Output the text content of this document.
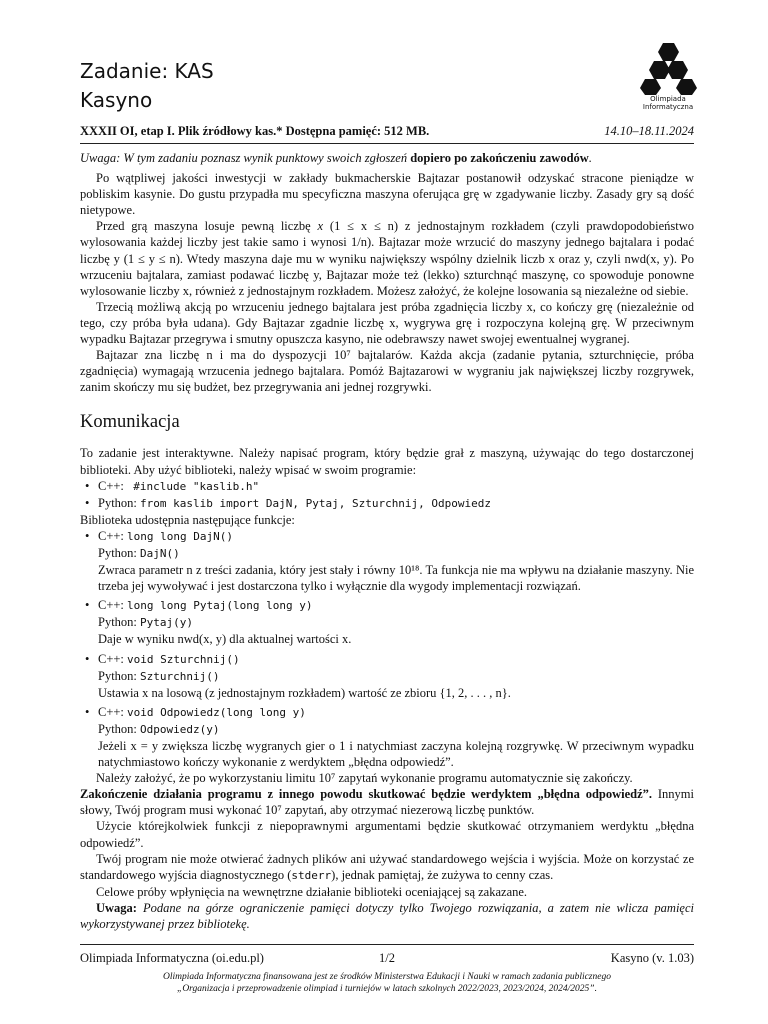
Zadanie: KAS
Kasyno	Olimpiada
Informatyczna
XXXII OI, etap I. Plik źródłowy kas.* Dostępna pamięć: 512 MB.	14.10–18.11.2024

Uwaga: W tym zadaniu poznasz wynik punktowy swoich zgłoszeń dopiero po zakończeniu zawodów.

Po wątpliwej jakości inwestycji w zakłady bukmacherskie Bajtazar postanowił odzyskać stracone pieniądze w pobliskim kasynie. Do gustu przypadła mu specyficzna maszyna oferująca grę w zgadywanie liczby. Zasady gry są dość nietypowe.

Przed grą maszyna losuje pewną liczbę x (1 ≤ x ≤ n) z jednostajnym rozkładem (czyli prawdopodobieństwo wylosowania każdej liczby jest takie samo i wynosi 1/n). Bajtazar może wrzucić do maszyny jednego bajtalara i podać liczbę y (1 ≤ y ≤ n). Wtedy maszyna daje mu w wyniku największy wspólny dzielnik liczb x oraz y, czyli nwd(x, y). Po wrzuceniu bajtalara, zamiast podawać liczbę y, Bajtazar może też (lekko) szturchnąć maszynę, co spowoduje ponowne wylosowanie liczby x, również z jednostajnym rozkładem. Możesz założyć, że kolejne losowania są niezależne od siebie.

Trzecią możliwą akcją po wrzuceniu jednego bajtalara jest próba zgadnięcia liczby x, co kończy grę (niezależnie od tego, czy próba była udana). Gdy Bajtazar zgadnie liczbę x, wygrywa grę i rozpoczyna kolejną grę. W przeciwnym wypadku Bajtazar przegrywa i smutny opuszcza kasyno, nie odebrawszy nawet swojej ewentualnej wygranej.

Bajtazar zna liczbę n i ma do dyspozycji 10⁷ bajtalarów. Każda akcja (zadanie pytania, szturchnięcie, próba zgadnięcia) wymagają wrzucenia jednego bajtalara. Pomóż Bajtazarowi w wygraniu jak największej liczby rozgrywek, zanim skończy mu się budżet, bez przegrywania ani jednej rozgrywki.

Komunikacja

To zadanie jest interaktywne. Należy napisać program, który będzie grał z maszyną, używając do tego dostarczonej biblioteki. Aby użyć biblioteki, należy wpisać w swoim programie:

• C++: #include "kaslib.h"
• Python: from kaslib import DajN, Pytaj, Szturchnij, Odpowiedz

Biblioteka udostępnia następujące funkcje:

• C++: long long DajN()
Python: DajN()
Zwraca parametr n z treści zadania, który jest stały i równy 10¹⁸. Ta funkcja nie ma wpływu na działanie maszyny. Nie trzeba jej wywoływać i jest dostarczona tylko i wyłącznie dla wygody implementacji rozwiązań.
• C++: long long Pytaj(long long y)
Python: Pytaj(y)
Daje w wyniku nwd(x, y) dla aktualnej wartości x.
• C++: void Szturchnij()
Python: Szturchnij()
Ustawia x na losową (z jednostajnym rozkładem) wartość ze zbioru {1, 2, . . . , n}.
• C++: void Odpowiedz(long long y)
Python: Odpowiedz(y)
Jeżeli x = y zwiększa liczbę wygranych gier o 1 i natychmiast zaczyna kolejną rozgrywkę. W przeciwnym wypadku natychmiastowo kończy wykonanie z werdyktem „błędna odpowiedź”.

Należy założyć, że po wykorzystaniu limitu 10⁷ zapytań wykonanie programu automatycznie się zakończy.

Zakończenie działania programu z innego powodu skutkować będzie werdyktem „błędna odpowiedź”. Innymi słowy, Twój program musi wykonać 10⁷ zapytań, aby otrzymać niezerową liczbę punktów.

Użycie którejkolwiek funkcji z niepoprawnymi argumentami będzie skutkować otrzymaniem werdyktu „błędna odpowiedź”.

Twój program nie może otwierać żadnych plików ani używać standardowego wejścia i wyjścia. Może on korzystać ze standardowego wyjścia diagnostycznego (stderr), jednak pamiętaj, że zużywa to cenny czas.

Celowe próby wpłynięcia na wewnętrzne działanie biblioteki oceniającej są zakazane.

Uwaga: Podane na górze ograniczenie pamięci dotyczy tylko Twojego rozwiązania, a zatem nie wlicza pamięci wykorzystywanej przez bibliotekę.

Olimpiada Informatyczna (oi.edu.pl)	1/2	Kasyno (v. 1.03)
Olimpiada Informatyczna finansowana jest ze środków Ministerstwa Edukacji i Nauki w ramach zadania publicznego
„Organizacja i przeprowadzenie olimpiad i turniejów w latach szkolnych 2022/2023, 2023/2024, 2024/2025”.
